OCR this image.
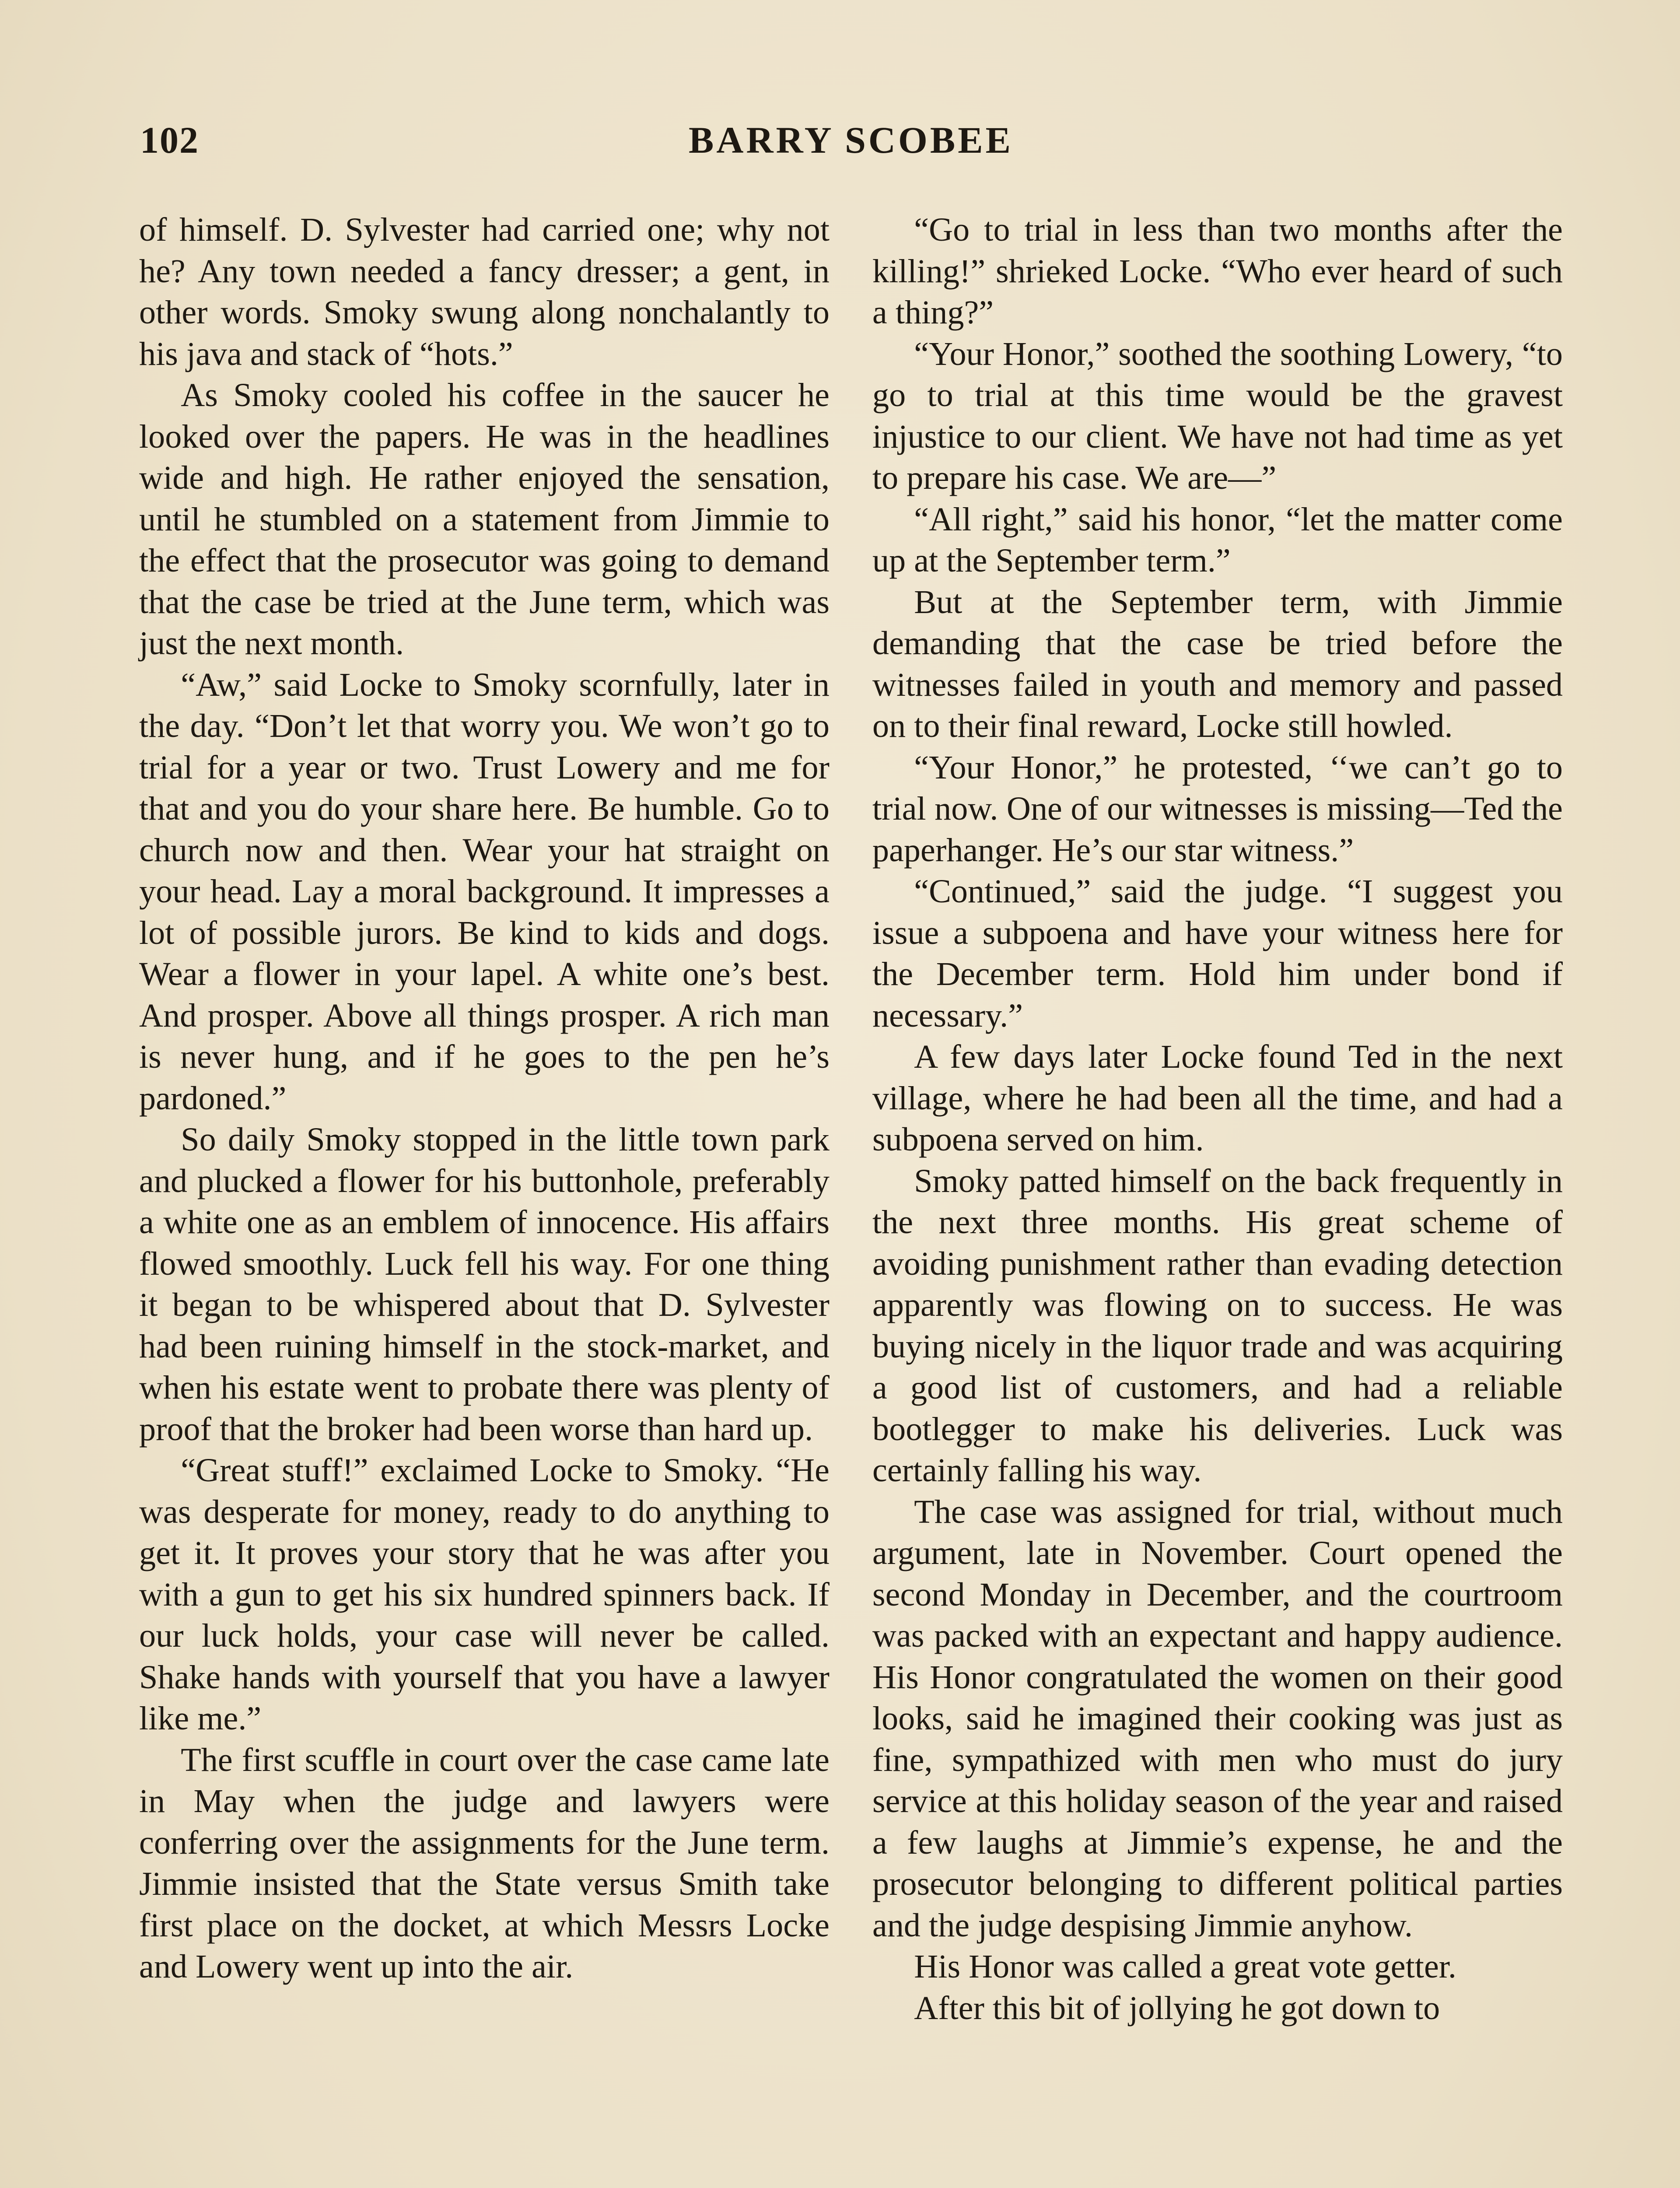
102	BARRY SCOBEE

of himself. D. Sylvester had carried one; why not he? Any town needed a fancy dresser; a gent, in other words. Smoky swung along nonchalantly to his java and stack of “hots.”

As Smoky cooled his coffee in the saucer he looked over the papers. He was in the headlines wide and high. He rather enjoyed the sensation, until he stumbled on a statement from Jimmie to the effect that the prosecutor was going to demand that the case be tried at the June term, which was just the next month.

“Aw,” said Locke to Smoky scornfully, later in the day. “Don’t let that worry you. We won’t go to trial for a year or two. Trust Lowery and me for that and you do your share here. Be humble. Go to church now and then. Wear your hat straight on your head. Lay a moral background. It impresses a lot of possible jurors. Be kind to kids and dogs. Wear a flower in your lapel. A white one’s best. And prosper. Above all things prosper. A rich man is never hung, and if he goes to the pen he’s pardoned.”

So daily Smoky stopped in the little town park and plucked a flower for his buttonhole, preferably a white one as an emblem of innocence. His affairs flowed smoothly. Luck fell his way. For one thing it began to be whispered about that D. Sylvester had been ruining himself in the stock-market, and when his estate went to probate there was plenty of proof that the broker had been worse than hard up.

“Great stuff!” exclaimed Locke to Smoky. “He was desperate for money, ready to do anything to get it. It proves your story that he was after you with a gun to get his six hundred spinners back. If our luck holds, your case will never be called. Shake hands with yourself that you have a lawyer like me.”

The first scuffle in court over the case came late in May when the judge and lawyers were conferring over the assignments for the June term. Jimmie insisted that the State versus Smith take first place on the docket, at which Messrs Locke and Lowery went up into the air.

“Go to trial in less than two months after the killing!” shrieked Locke. “Who ever heard of such a thing?”

“Your Honor,” soothed the soothing Lowery, “to go to trial at this time would be the gravest injustice to our client. We have not had time as yet to prepare his case. We are—”

“All right,” said his honor, “let the matter come up at the September term.”

But at the September term, with Jimmie demanding that the case be tried before the witnesses failed in youth and memory and passed on to their final reward, Locke still howled.

“Your Honor,” he protested, ‘‘we can’t go to trial now. One of our witnesses is missing—Ted the paperhanger. He’s our star witness.”

“Continued,” said the judge. “I suggest you issue a subpoena and have your witness here for the December term. Hold him under bond if necessary.”

A few days later Locke found Ted in the next village, where he had been all the time, and had a subpoena served on him.

Smoky patted himself on the back frequently in the next three months. His great scheme of avoiding punishment rather than evading detection apparently was flowing on to success. He was buying nicely in the liquor trade and was acquiring a good list of customers, and had a reliable bootlegger to make his deliveries. Luck was certainly falling his way.

The case was assigned for trial, without much argument, late in November. Court opened the second Monday in December, and the courtroom was packed with an expectant and happy audience. His Honor congratulated the women on their good looks, said he imagined their cooking was just as fine, sympathized with men who must do jury service at this holiday season of the year and raised a few laughs at Jimmie’s expense, he and the prosecutor belonging to different political parties and the judge despising Jimmie anyhow.

His Honor was called a great vote getter.

After this bit of jollying he got down to
